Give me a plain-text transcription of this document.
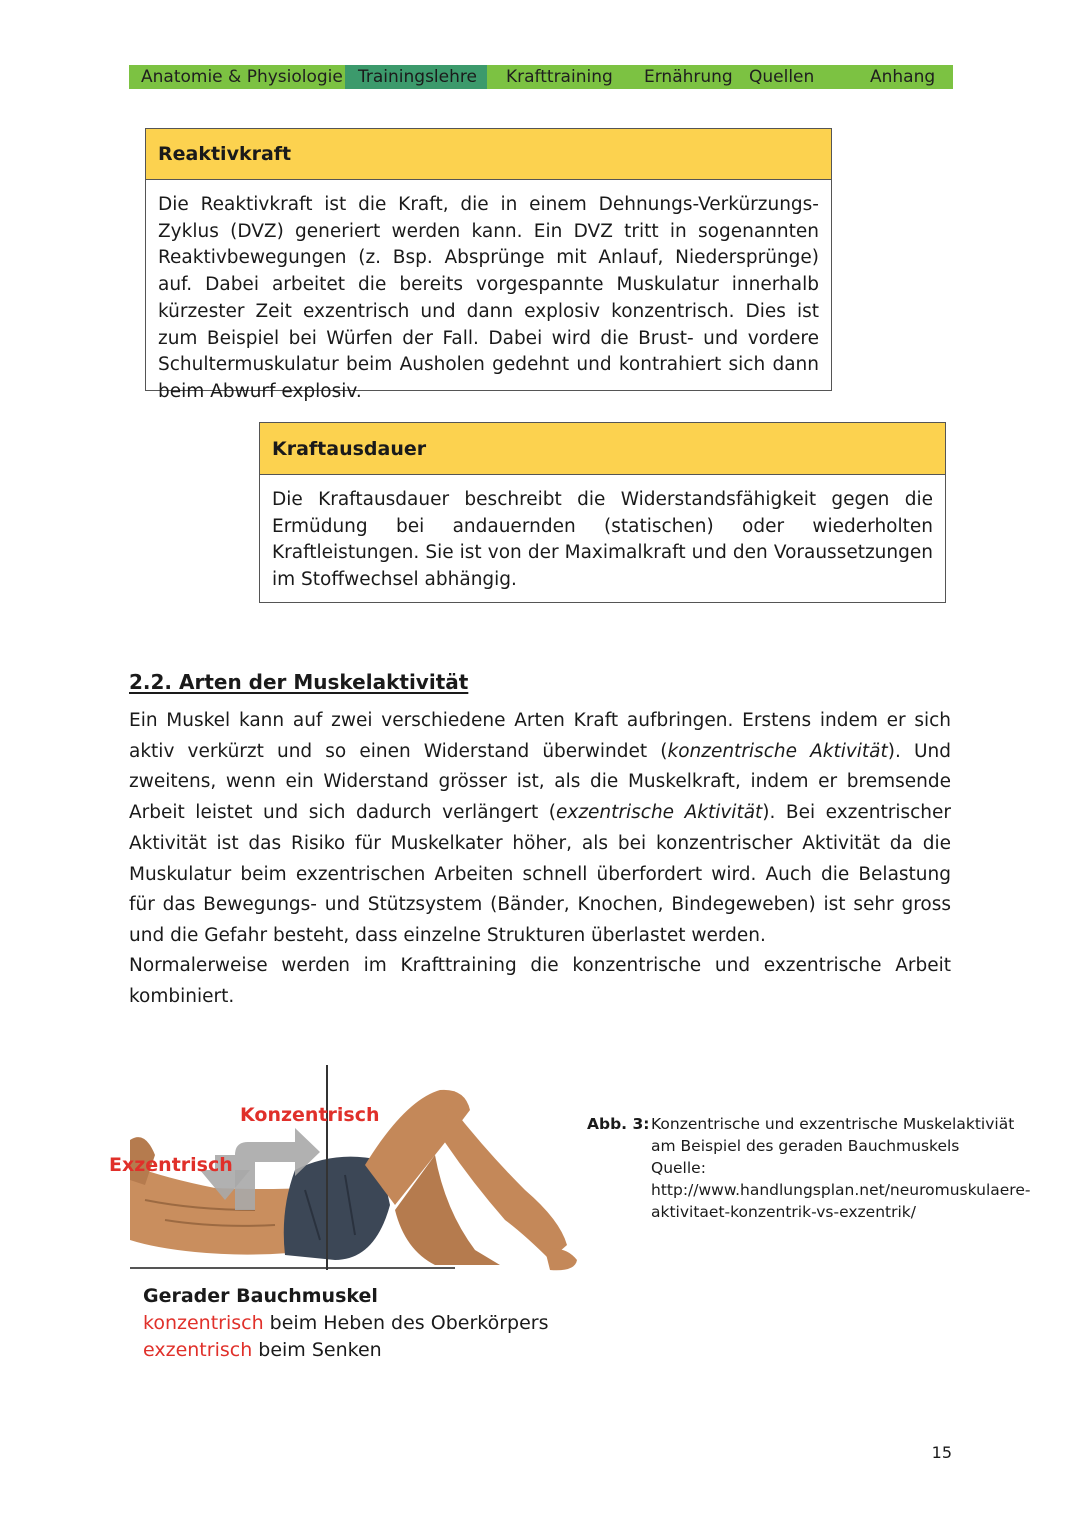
Anatomie & Physiologie Trainingslehre	Krafttraining	Ernährung Quellen	Anhang
Reaktivkraft
Die Reaktivkraft ist die Kraft, die in einem Dehnungs-Verkürzungs-Zyklus (DVZ) generiert werden kann. Ein DVZ tritt in sogenannten Reaktivbewegungen (z. Bsp. Absprünge mit Anlauf, Niedersprünge) auf. Dabei arbeitet die bereits vorgespannte Muskulatur innerhalb kürzester Zeit exzentrisch und dann explosiv konzentrisch. Dies ist zum Beispiel bei Würfen der Fall. Dabei wird die Brust- und vordere Schultermuskulatur beim Ausholen gedehnt und kontrahiert sich dann beim Abwurf explosiv.
Kraftausdauer
Die Kraftausdauer beschreibt die Widerstandsfähigkeit gegen die Ermüdung bei andauernden (statischen) oder wiederholten Kraftleistungen. Sie ist von der Maximalkraft und den Voraussetzungen im Stoffwechsel abhängig.
2.2. Arten der Muskelaktivität
Ein Muskel kann auf zwei verschiedene Arten Kraft aufbringen. Erstens indem er sich aktiv verkürzt und so einen Widerstand überwindet (konzentrische Aktivität). Und zweitens, wenn ein Widerstand grösser ist, als die Muskelkraft, indem er bremsende Arbeit leistet und sich dadurch verlängert (exzentrische Aktivität). Bei exzentrischer Aktivität ist das Risiko für Muskelkater höher, als bei konzentrischer Aktivität da die Muskulatur beim exzentrischen Arbeiten schnell überfordert wird. Auch die Belastung für das Bewegungs- und Stützsystem (Bänder, Knochen, Bindegeweben) ist sehr gross und die Gefahr besteht, dass einzelne Strukturen überlastet werden.
Normalerweise werden im Krafttraining die konzentrische und exzentrische Arbeit kombiniert.
Konzentrisch
Exzentrisch
Gerader Bauchmuskel
konzentrisch beim Heben des Oberkörpers
exzentrisch beim Senken
Abb. 3:Konzentrische und exzentrische Muskelaktiviät am Beispiel des geraden Bauchmuskels
Quelle:
http://www.handlungsplan.net/neuromuskulaere-aktivitaet-konzentrik-vs-exzentrik/
15
